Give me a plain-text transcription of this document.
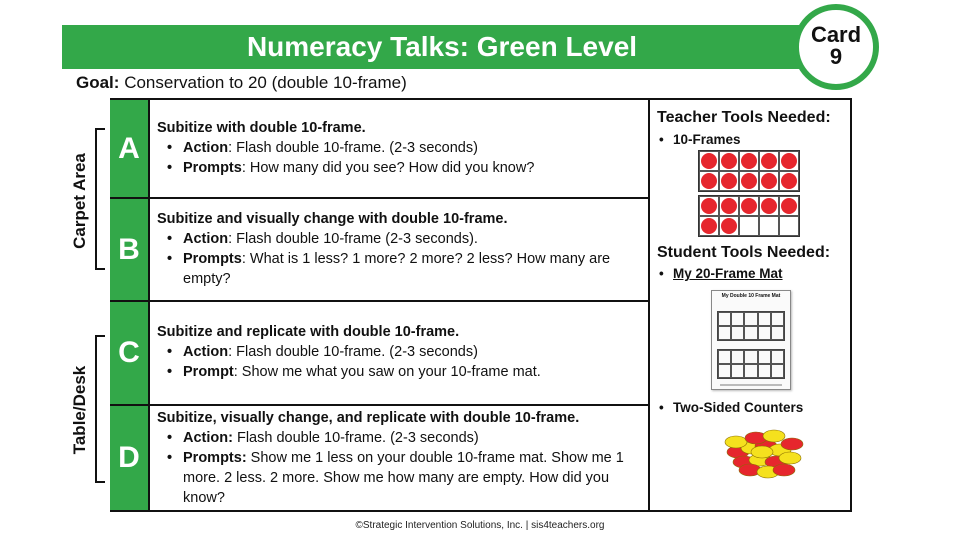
Numeracy Talks: Green Level	Card
9
Goal: Conservation to 20 (double 10-frame)
Carpet Area
Table/Desk
A
Subitize with double 10-frame.
• Action: Flash double 10-frame. (2-3 seconds)
• Prompts: How many did you see? How did you know?
B
Subitize and visually change with double 10-frame.
• Action: Flash double 10-frame (2-3 seconds).
• Prompts: What is 1 less? 1 more? 2 more? 2 less? How many are empty?
C
Subitize and replicate with double 10-frame.
• Action: Flash double 10-frame. (2-3 seconds)
• Prompt: Show me what you saw on your 10-frame mat.
D
Subitize, visually change, and replicate with double 10-frame.
• Action: Flash double 10-frame. (2-3 seconds)
• Prompts: Show me 1 less on your double 10-frame mat. Show me 1 more. 2 less. 2 more. Show me how many are empty. How did you know?
Teacher Tools Needed:
• 10-Frames
Student Tools Needed:
• My 20-Frame Mat
My Double 10 Frame Mat
• Two-Sided Counters
©Strategic Intervention Solutions, Inc. | sis4teachers.org
